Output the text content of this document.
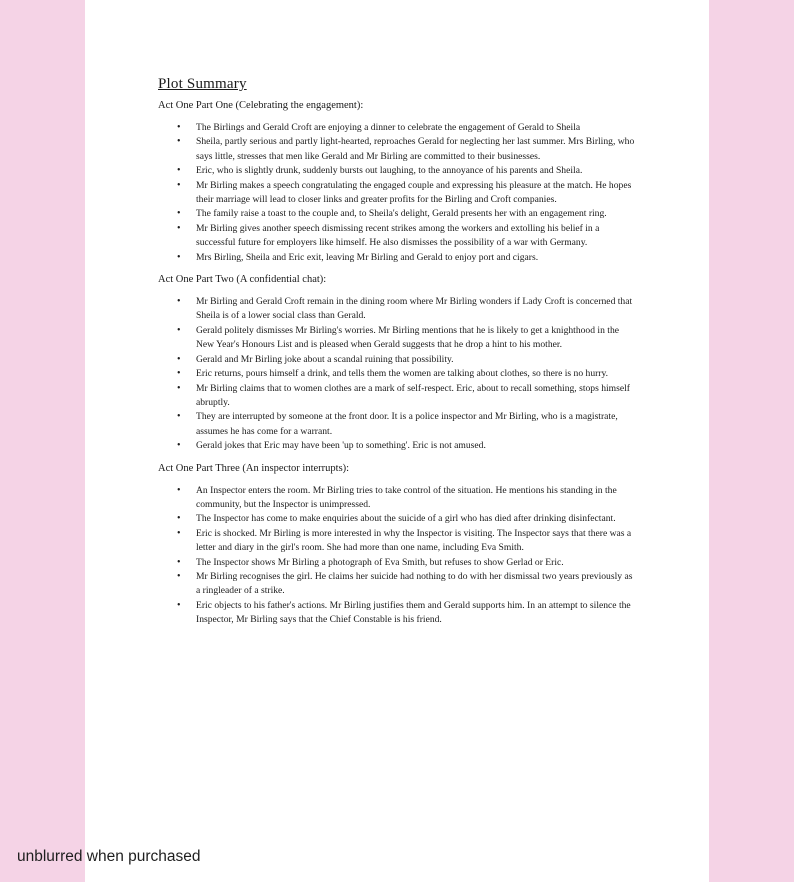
Plot Summary
Act One Part One (Celebrating the engagement):
• The Birlings and Gerald Croft are enjoying a dinner to celebrate the engagement of Gerald to Sheila
• Sheila, partly serious and partly light-hearted, reproaches Gerald for neglecting her last summer. Mrs Birling, who says little, stresses that men like Gerald and Mr Birling are committed to their businesses.
• Eric, who is slightly drunk, suddenly bursts out laughing, to the annoyance of his parents and Sheila.
• Mr Birling makes a speech congratulating the engaged couple and expressing his pleasure at the match. He hopes their marriage will lead to closer links and greater profits for the Birling and Croft companies.
• The family raise a toast to the couple and, to Sheila's delight, Gerald presents her with an engagement ring.
• Mr Birling gives another speech dismissing recent strikes among the workers and extolling his belief in a successful future for employers like himself. He also dismisses the possibility of a war with Germany.
• Mrs Birling, Sheila and Eric exit, leaving Mr Birling and Gerald to enjoy port and cigars.
Act One Part Two (A confidential chat):
• Mr Birling and Gerald Croft remain in the dining room where Mr Birling wonders if Lady Croft is concerned that Sheila is of a lower social class than Gerald.
• Gerald politely dismisses Mr Birling's worries. Mr Birling mentions that he is likely to get a knighthood in the New Year's Honours List and is pleased when Gerald suggests that he drop a hint to his mother.
• Gerald and Mr Birling joke about a scandal ruining that possibility.
• Eric returns, pours himself a drink, and tells them the women are talking about clothes, so there is no hurry.
• Mr Birling claims that to women clothes are a mark of self-respect. Eric, about to recall something, stops himself abruptly.
• They are interrupted by someone at the front door. It is a police inspector and Mr Birling, who is a magistrate, assumes he has come for a warrant.
• Gerald jokes that Eric may have been 'up to something'. Eric is not amused.
Act One Part Three (An inspector interrupts):
• An Inspector enters the room. Mr Birling tries to take control of the situation. He mentions his standing in the community, but the Inspector is unimpressed.
• The Inspector has come to make enquiries about the suicide of a girl who has died after drinking disinfectant.
• Eric is shocked. Mr Birling is more interested in why the Inspector is visiting. The Inspector says that there was a letter and diary in the girl's room. She had more than one name, including Eva Smith.
• The Inspector shows Mr Birling a photograph of Eva Smith, but refuses to show Gerlad or Eric.
• Mr Birling recognises the girl. He claims her suicide had nothing to do with her dismissal two years previously as a ringleader of a strike.
• Eric objects to his father's actions. Mr Birling justifies them and Gerald supports him. In an attempt to silence the Inspector, Mr Birling says that the Chief Constable is his friend.
unblurred when purchased
